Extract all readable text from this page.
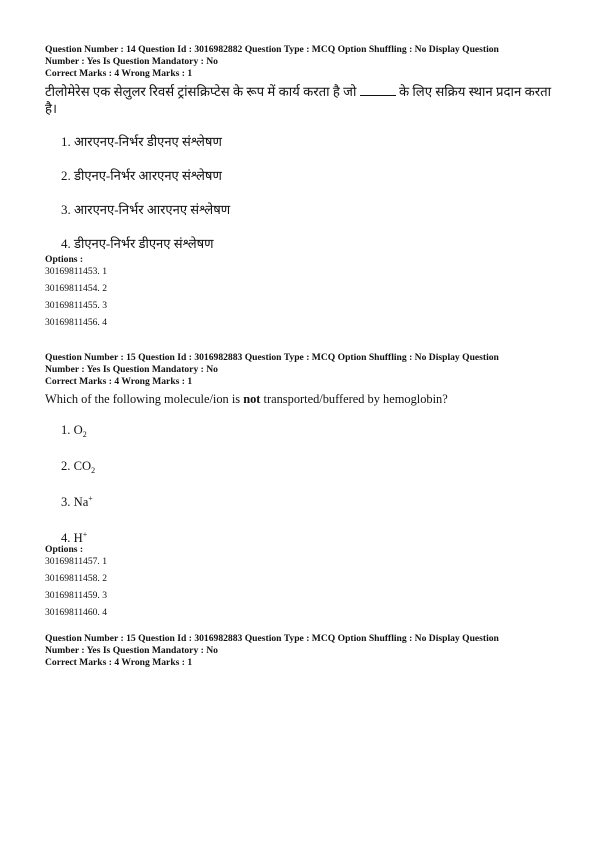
Question Number : 14 Question Id : 3016982882 Question Type : MCQ Option Shuffling : No Display Question
Number : Yes Is Question Mandatory : No
Correct Marks : 4 Wrong Marks : 1
टीलोमेरेस एक सेलुलर रिवर्स ट्रांसक्रिप्टेस के रूप में कार्य करता है जो	के लिए सक्रिय स्थान प्रदान करता है।
1. आरएनए-निर्भर डीएनए संश्लेषण
2. डीएनए-निर्भर आरएनए संश्लेषण
3. आरएनए-निर्भर आरएनए संश्लेषण
4. डीएनए-निर्भर डीएनए संश्लेषण
Options :
30169811453. 1
30169811454. 2
30169811455. 3
30169811456. 4
Question Number : 15 Question Id : 3016982883 Question Type : MCQ Option Shuffling : No Display Question
Number : Yes Is Question Mandatory : No
Correct Marks : 4 Wrong Marks : 1
Which of the following molecule/ion is not transported/buffered by hemoglobin?
1. $O_2$
2. $CO_2$
3. Na+
4. H+
Options :
30169811457. 1
30169811458. 2
30169811459. 3
30169811460. 4
Question Number : 15 Question Id : 3016982883 Question Type : MCQ Option Shuffling : No Display Question
Number : Yes Is Question Mandatory : No
Correct Marks : 4 Wrong Marks : 1
